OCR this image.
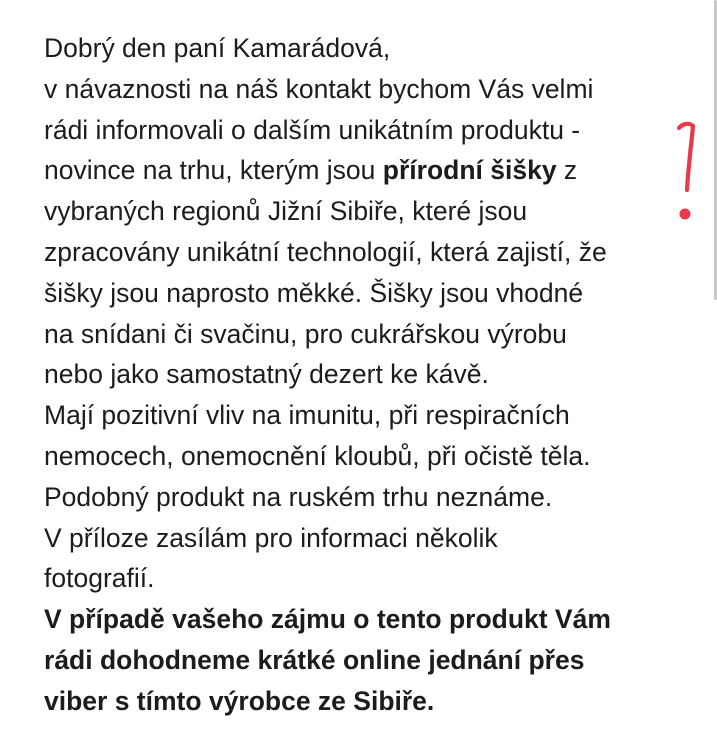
Dobrý den paní Kamarádová,
v návaznosti na náš kontakt bychom Vás velmi
rádi informovali o dalším unikátním produktu -
novince na trhu, kterým jsou přírodní šišky z
vybraných regionů Jižní Sibiře, které jsou
zpracovány unikátní technologií, která zajistí, že
šišky jsou naprosto měkké. Šišky jsou vhodné
na snídani či svačinu, pro cukrářskou výrobu
nebo jako samostatný dezert ke kávě.
Mají pozitivní vliv na imunitu, při respiračních
nemocech, onemocnění kloubů, při očistě těla.
Podobný produkt na ruském trhu neznáme.
V příloze zasílám pro informaci několik
fotografií.
V případě vašeho zájmu o tento produkt Vám
rádi dohodneme krátké online jednání přes
viber s tímto výrobce ze Sibiře.
